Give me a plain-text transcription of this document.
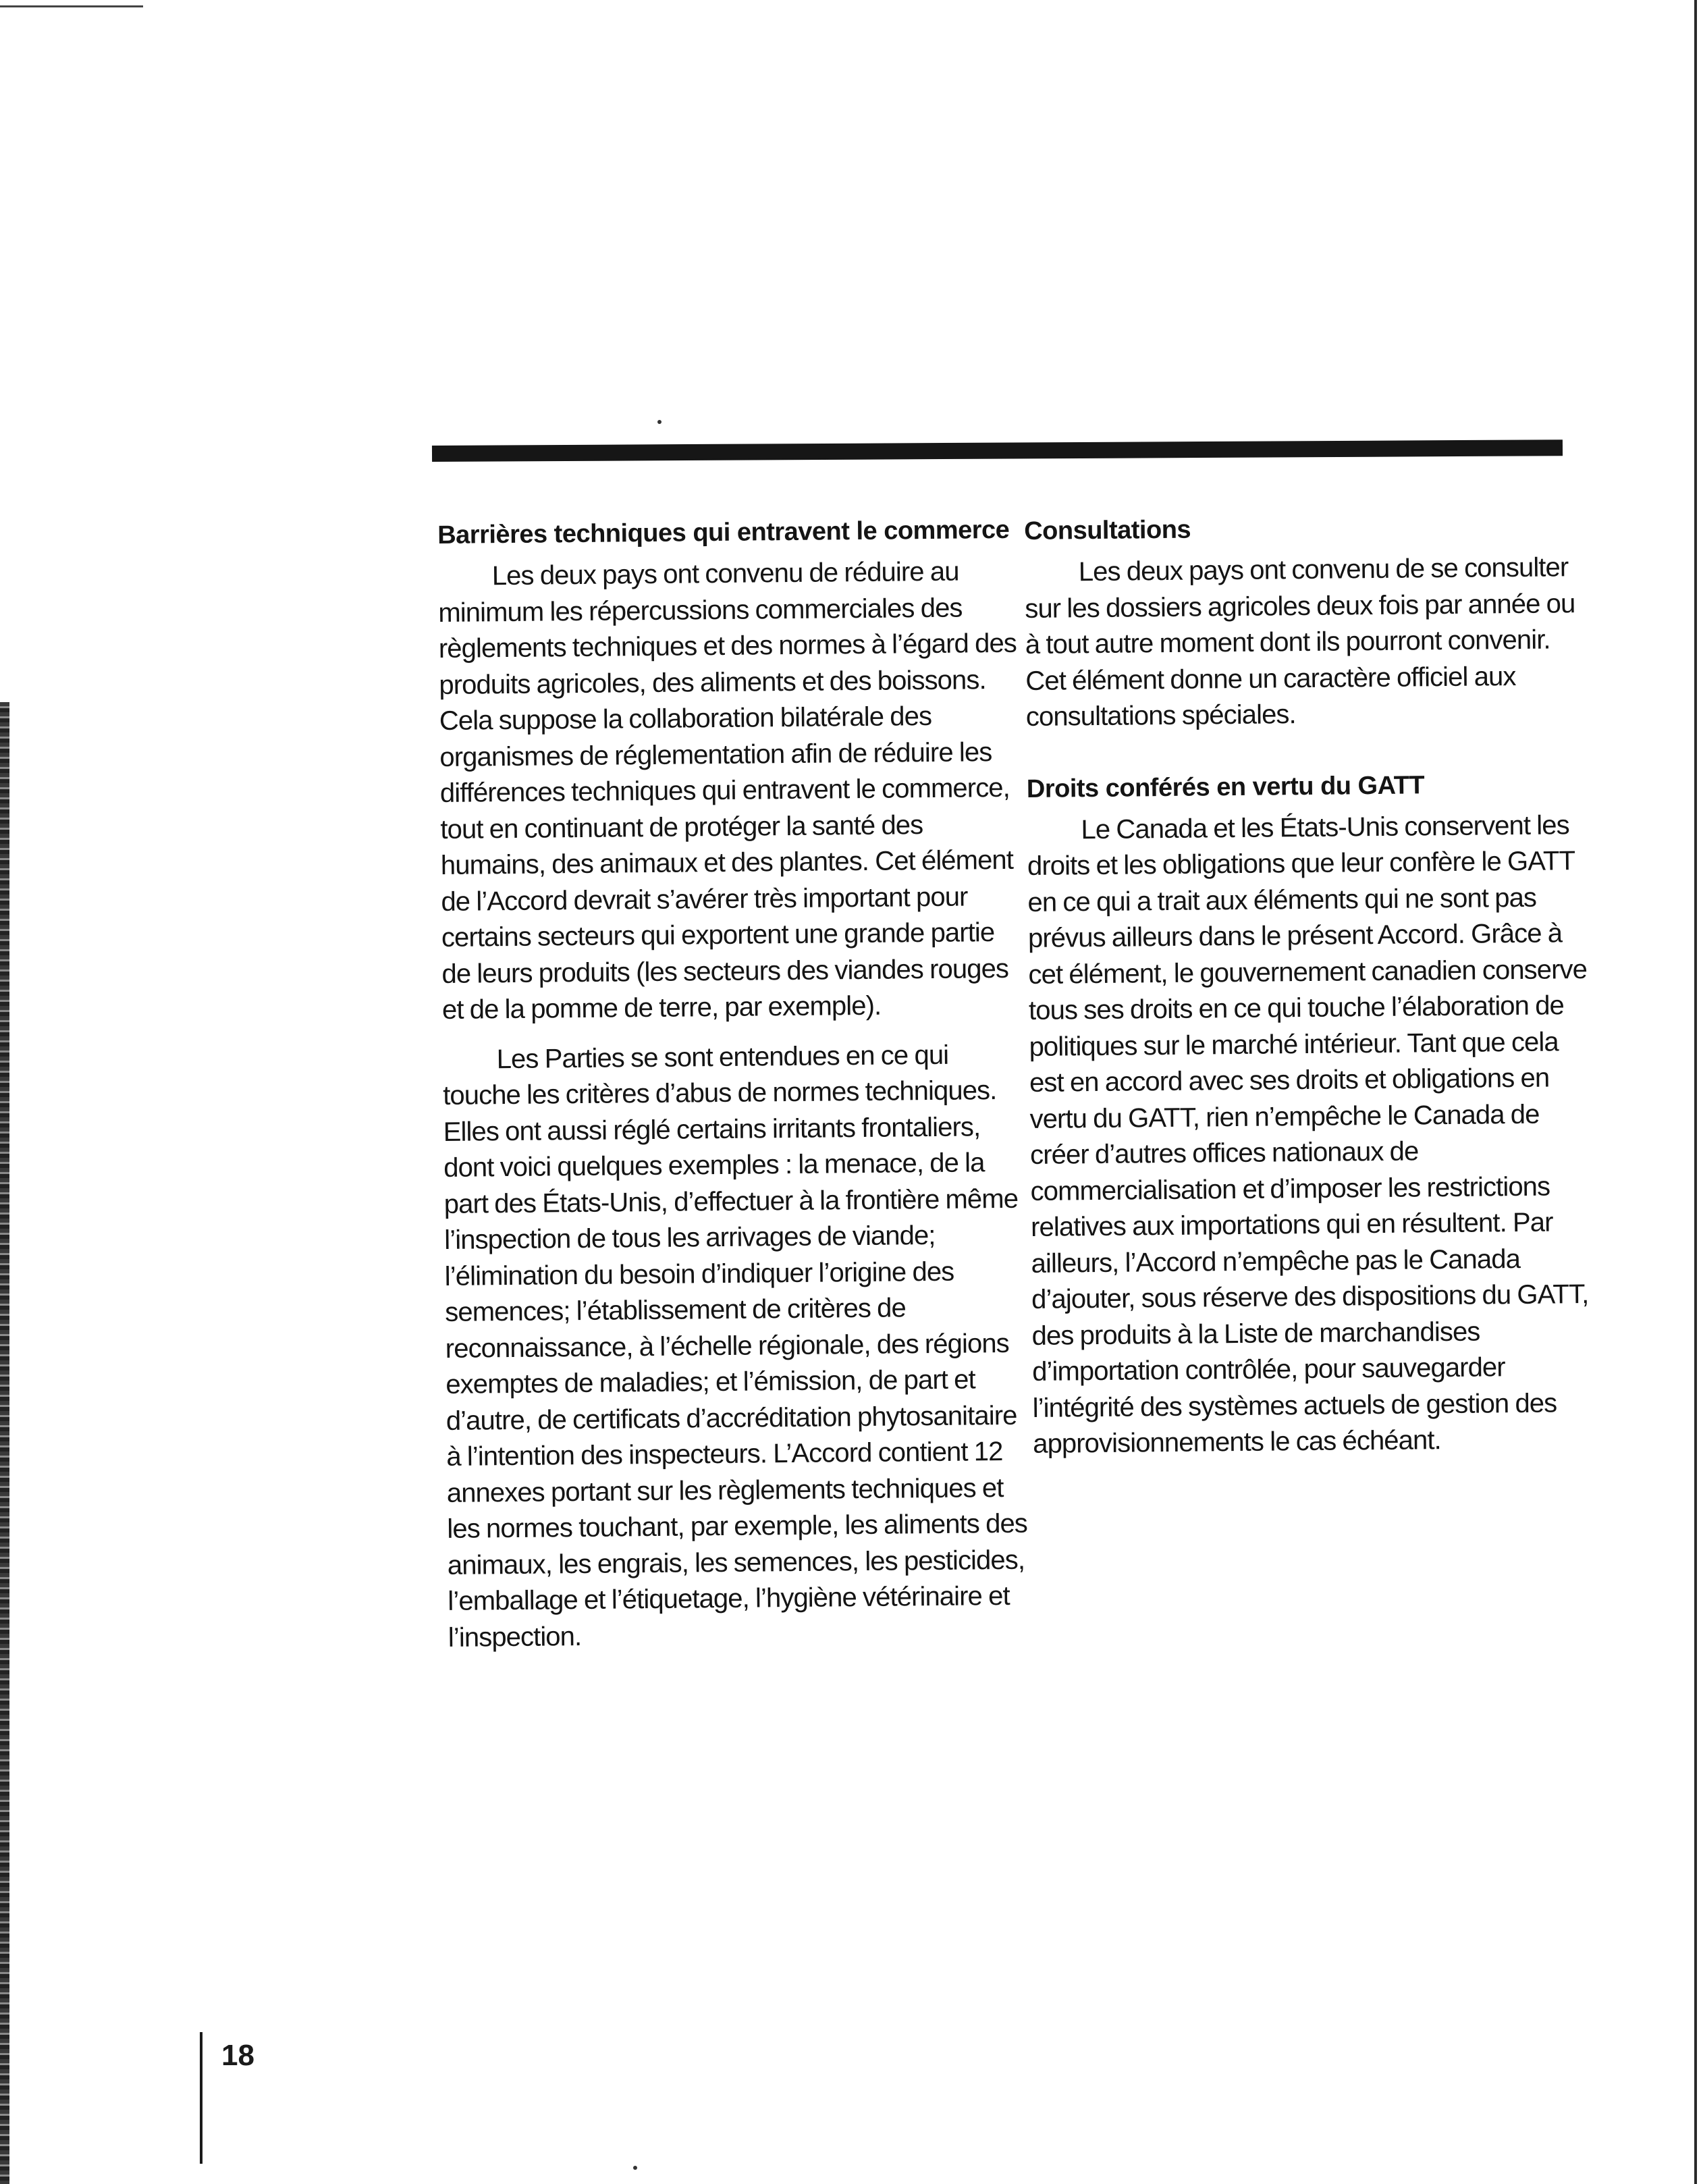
Barrières techniques qui entravent le commerce

Les deux pays ont convenu de réduire au minimum les répercussions commerciales des règlements techniques et des normes à l’égard des produits agricoles, des aliments et des boissons. Cela suppose la collaboration bilatérale des organismes de réglementation afin de réduire les différences techniques qui entravent le commerce, tout en continuant de protéger la santé des humains, des animaux et des plantes. Cet élément de l’Accord devrait s’avérer très important pour certains secteurs qui exportent une grande partie de leurs produits (les secteurs des viandes rouges et de la pomme de terre, par exemple).

Les Parties se sont entendues en ce qui touche les critères d’abus de normes techniques. Elles ont aussi réglé certains irritants frontaliers, dont voici quelques exemples : la menace, de la part des États-Unis, d’effectuer à la frontière même l’inspection de tous les arrivages de viande; l’élimination du besoin d’indiquer l’origine des semences; l’établissement de critères de reconnaissance, à l’échelle régionale, des régions exemptes de maladies; et l’émission, de part et d’autre, de certificats d’accréditation phytosanitaire à l’intention des inspecteurs. L’Accord contient 12 annexes portant sur les règlements techniques et les normes touchant, par exemple, les aliments des animaux, les engrais, les semences, les pesticides, l’emballage et l’étiquetage, l’hygiène vétérinaire et l’inspection.

Consultations

Les deux pays ont convenu de se consulter sur les dossiers agricoles deux fois par année ou à tout autre moment dont ils pourront convenir. Cet élément donne un caractère officiel aux consultations spéciales.

Droits conférés en vertu du GATT

Le Canada et les États-Unis conservent les droits et les obligations que leur confère le GATT en ce qui a trait aux éléments qui ne sont pas prévus ailleurs dans le présent Accord. Grâce à cet élément, le gouvernement canadien conserve tous ses droits en ce qui touche l’élaboration de politiques sur le marché intérieur. Tant que cela est en accord avec ses droits et obligations en vertu du GATT, rien n’empêche le Canada de créer d’autres offices nationaux de commercialisation et d’imposer les restrictions relatives aux importations qui en résultent. Par ailleurs, l’Accord n’empêche pas le Canada d’ajouter, sous réserve des dispositions du GATT, des produits à la Liste de marchandises d’importation contrôlée, pour sauvegarder l’intégrité des systèmes actuels de gestion des approvisionnements le cas échéant.

18
